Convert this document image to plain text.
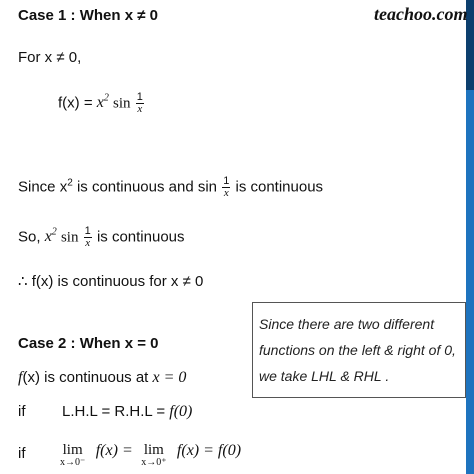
teachoo.com
Case 1 : When x ≠ 0
For x ≠ 0,
$f(x) = x^2$ $\sin \frac{1}{x}$
Since $x^2$ is continuous and $\sin \frac{1}{x}$ is continuous
So, $x^2$ $\sin \frac{1}{x}$ is continuous
∴ f(x) is continuous for x ≠ 0
Case 2 : When x = 0
f(x) is continuous at x = 0
if L.H.L = R.H.L = f(0)
if lim
x→0⁻
f(x) = lim
x→0⁺
f(x) = f(0)
Since there are two different
functions on the left & right of 0,
we take LHL & RHL .
